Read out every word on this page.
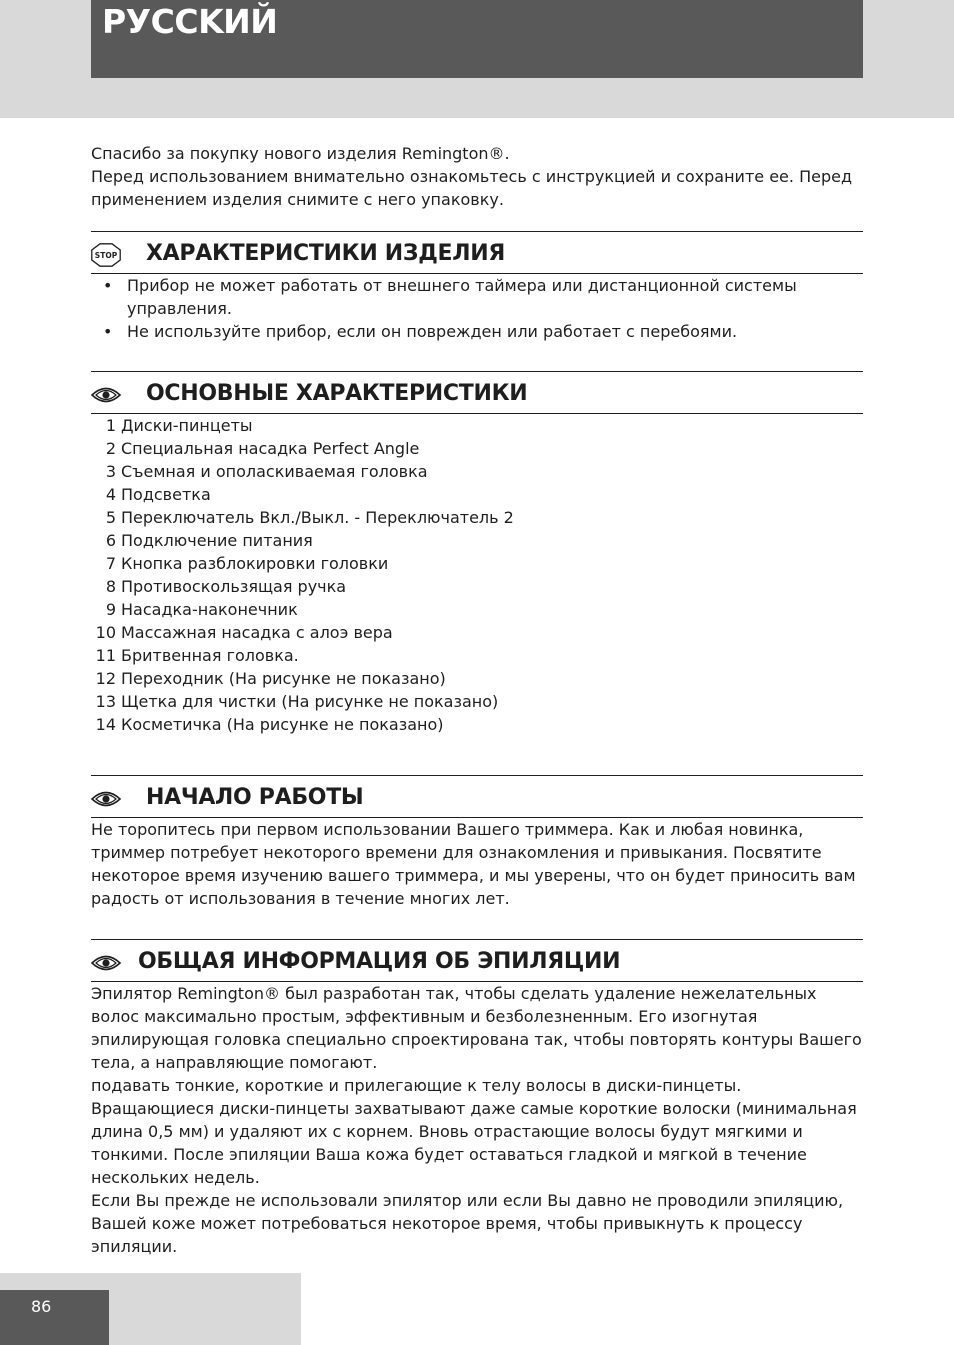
PУCCKИЙ

Спасибо за покупку нового изделия Remington®.

Перед использованием внимательно ознакомьтесь с инструкцией и сохраните ее. Перед применением изделия снимите с него упаковку.

STOP ХАРАКТЕРИСТИКИ ИЗДЕЛИЯ
• Прибор не может работать от внешнего таймера или дистанционной системы управления.
• Не используйте прибор, если он поврежден или работает с перебоями.
ОСНОВНЫЕ ХАРАКТЕРИСТИКИ
1 Диски-пинцеты
2 Специальная насадка Perfect Angle
3 Съемная и ополаскиваемая головка
4 Подсветка
5 Переключатель Вкл./Выкл. - Переключатель 2
6 Подключение питания
7 Кнопка разблокировки головки
8 Противоскользящая ручка
9 Насадка-наконечник
10 Массажная насадка с алоэ вера
11 Бритвенная головка.
12 Переходник (На рисунке не показано)
13 Щетка для чистки (На рисунке не показано)
14 Косметичка (На рисунке не показано)
НАЧАЛО РАБОТЫ

Не торопитесь при первом использовании Вашего триммера. Как и любая новинка, триммер потребует некоторого времени для ознакомления и привыкания. Посвятите некоторое время изучению вашего триммера, и мы уверены, что он будет приносить вам радость от использования в течение многих лет.

ОБЩАЯ ИНФОРМАЦИЯ ОБ ЭПИЛЯЦИИ

Эпилятор Remington® был разработан так, чтобы сделать удаление нежелательных волос максимально простым, эффективным и безболезненным. Его изогнутая эпилирующая головка специально спроектирована так, чтобы повторять контуры Вашего тела, а направляющие помогают.

подавать тонкие, короткие и прилегающие к телу волосы в диски-пинцеты.

Вращающиеся диски-пинцеты захватывают даже самые короткие волоски (минимальная длина 0,5 мм) и удаляют их с корнем. Вновь отрастающие волосы будут мягкими и тонкими. После эпиляции Ваша кожа будет оставаться гладкой и мягкой в течение нескольких недель.

Если Вы прежде не использовали эпилятор или если Вы давно не проводили эпиляцию, Вашей коже может потребоваться некоторое время, чтобы привыкнуть к процессу эпиляции.

86
